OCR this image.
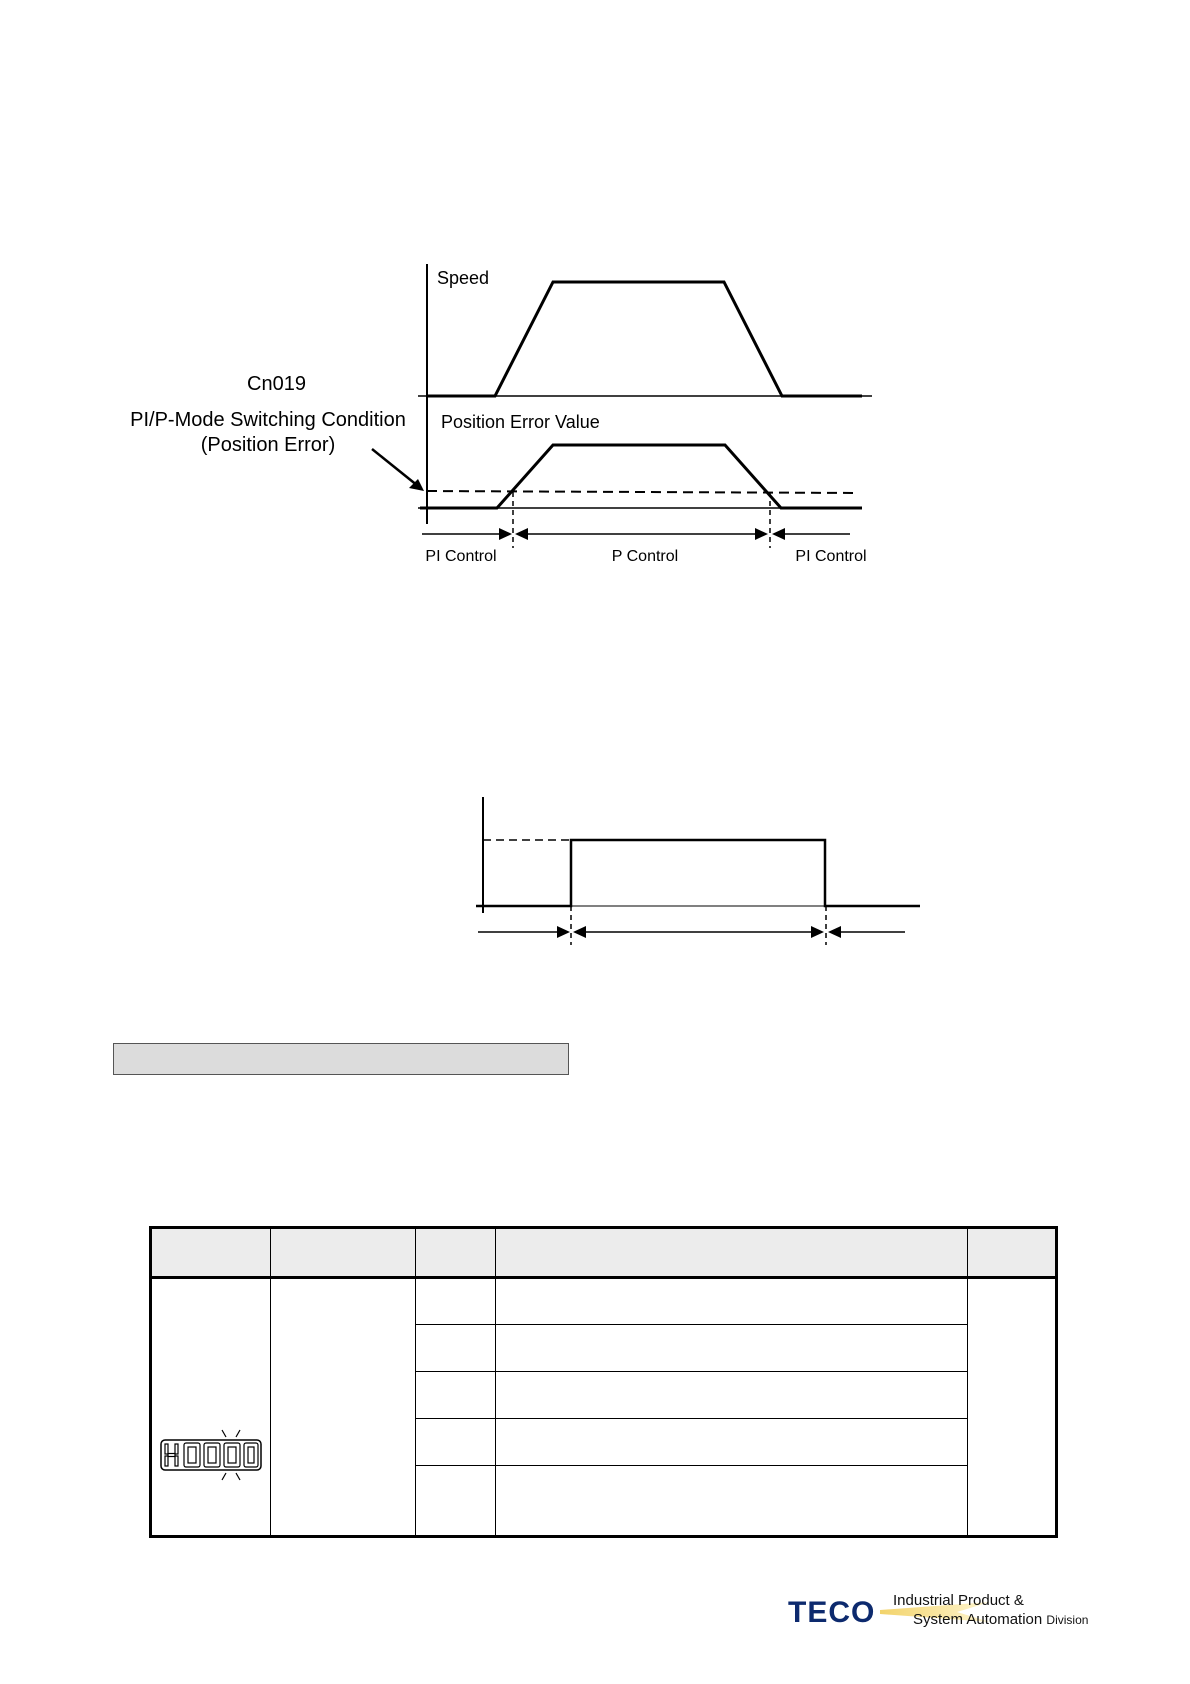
Speed
Position Error Value
Cn019
PI/P-Mode Switching Condition
(Position Error)
PI Control	P Control	PI Control

H0000				

TECO Industrial Product &
System Automation Division
